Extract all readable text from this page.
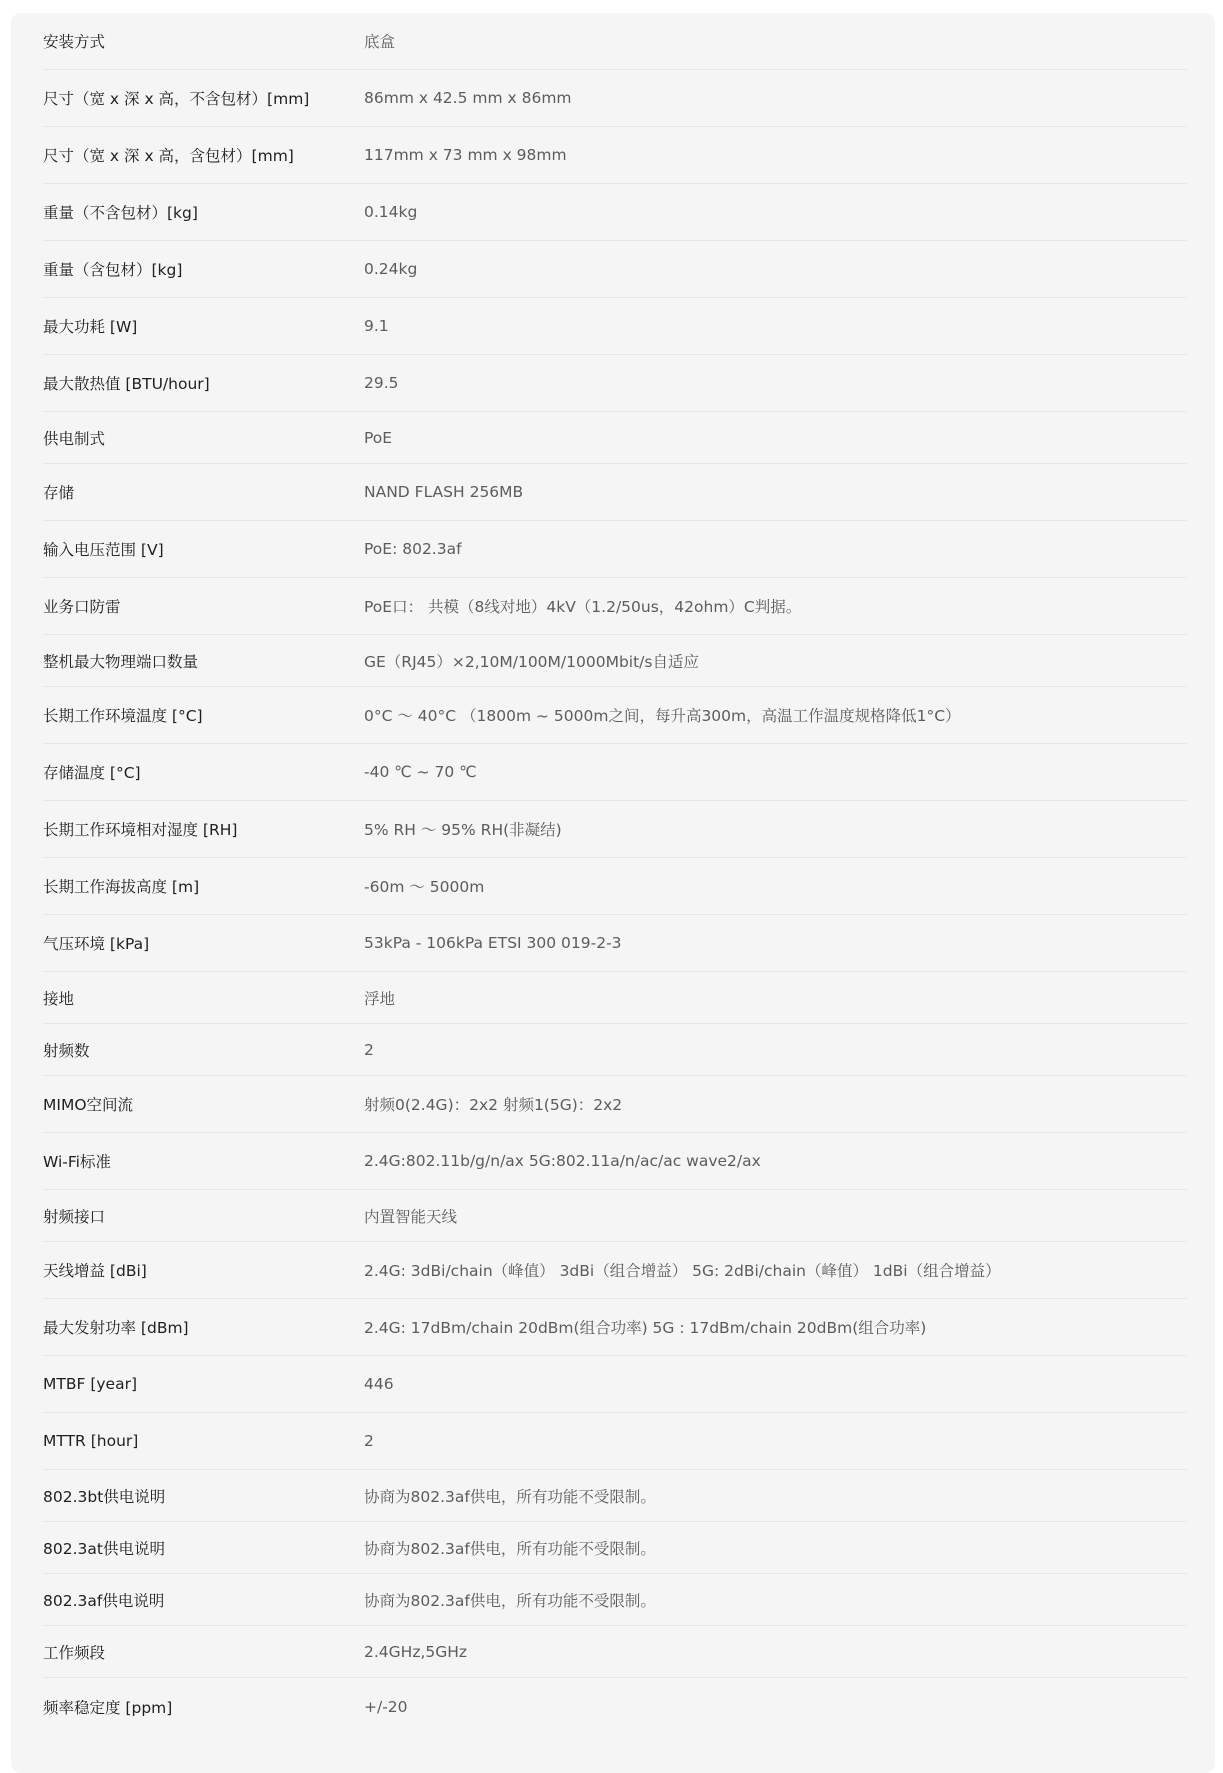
安装方式	底盒
尺寸（宽 x 深 x 高，不含包材）[mm]	86mm x 42.5 mm x 86mm
尺寸（宽 x 深 x 高，含包材）[mm]	117mm x 73 mm x 98mm
重量（不含包材）[kg]	0.14kg
重量（含包材）[kg]	0.24kg
最大功耗 [W]	9.1
最大散热值 [BTU/hour]	29.5
供电制式	PoE
存储	NAND FLASH 256MB
输入电压范围 [V]	PoE: 802.3af
业务口防雷	PoE口： 共模（8线对地）4kV（1.2/50us，42ohm）C判据。
整机最大物理端口数量	GE（RJ45）×2,10M/100M/1000Mbit/s自适应
长期工作环境温度 [°C]	0°C ～ 40°C （1800m ~ 5000m之间，每升高300m，高温工作温度规格降低1°C）
存储温度 [°C]	-40 ℃ ~ 70 ℃
长期工作环境相对湿度 [RH]	5% RH ～ 95% RH(非凝结)
长期工作海拔高度 [m]	-60m ～ 5000m
气压环境 [kPa]	53kPa - 106kPa ETSI 300 019-2-3
接地	浮地
射频数	2
MIMO空间流	射频0(2.4G)：2x2 射频1(5G)：2x2
Wi-Fi标准	2.4G:802.11b/g/n/ax 5G:802.11a/n/ac/ac wave2/ax
射频接口	内置智能天线
天线增益 [dBi]	2.4G: 3dBi/chain（峰值） 3dBi（组合增益） 5G: 2dBi/chain（峰值） 1dBi（组合增益）
最大发射功率 [dBm]	2.4G: 17dBm/chain 20dBm(组合功率) 5G : 17dBm/chain 20dBm(组合功率)
MTBF [year]	446
MTTR [hour]	2
802.3bt供电说明	协商为802.3af供电，所有功能不受限制。
802.3at供电说明	协商为802.3af供电，所有功能不受限制。
802.3af供电说明	协商为802.3af供电，所有功能不受限制。
工作频段	2.4GHz,5GHz
频率稳定度 [ppm]	+/-20
